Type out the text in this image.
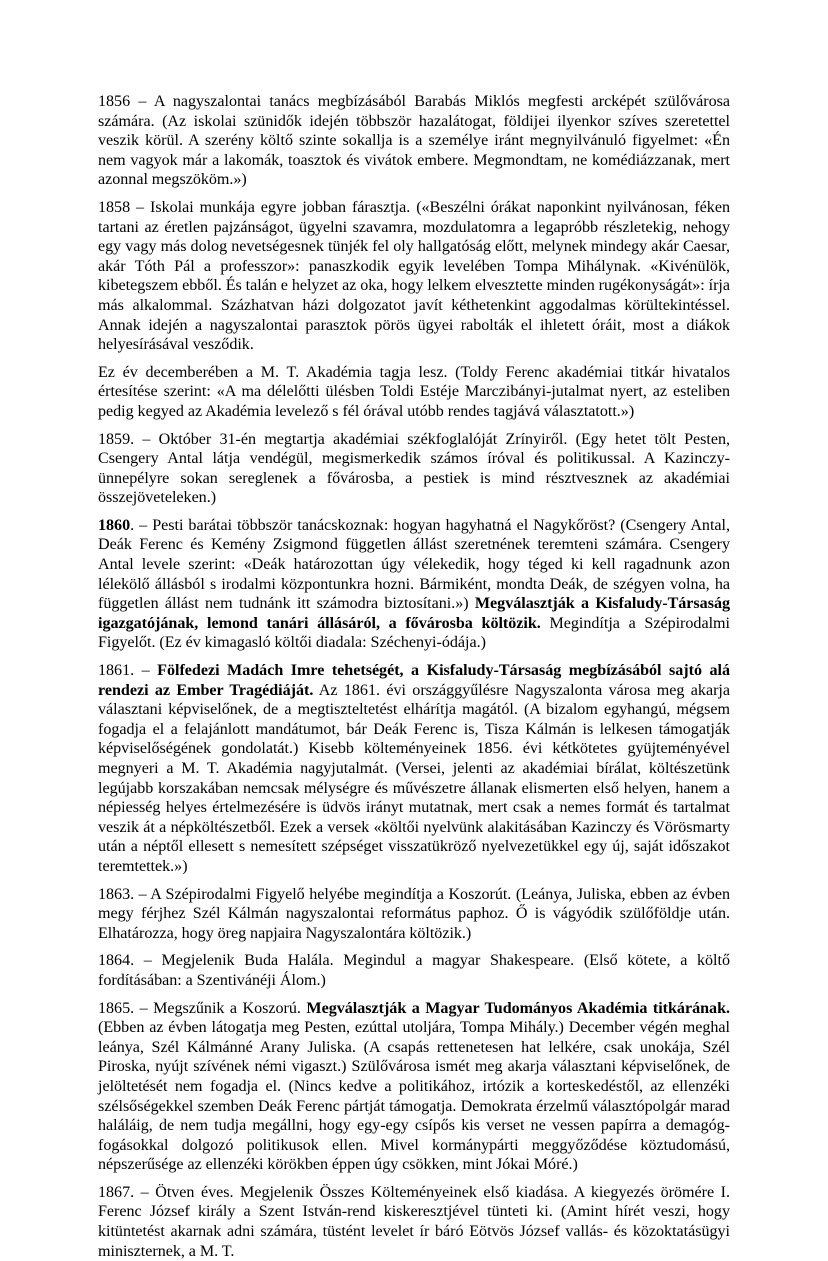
1856 – A nagyszalontai tanács megbízásából Barabás Miklós megfesti arcképét szülővárosa számára. (Az iskolai szünidők idején többször hazalátogat, földijei ilyenkor szíves szeretettel veszik körül. A szerény költő szinte sokallja is a személye iránt megnyilvánuló figyelmet: «Én nem vagyok már a lakomák, toasztok és vivátok embere. Megmondtam, ne komédiázzanak, mert azonnal megszököm.»)

1858 – Iskolai munkája egyre jobban fárasztja. («Beszélni órákat naponkint nyilvánosan, féken tartani az éretlen pajzánságot, ügyelni szavamra, mozdulatomra a legapróbb részletekig, nehogy egy vagy más dolog nevetségesnek tünjék fel oly hallgatóság előtt, melynek mindegy akár Caesar, akár Tóth Pál a professzor»: panaszkodik egyik levelében Tompa Mihálynak. «Kivénülök, kibetegszem ebből. És talán e helyzet az oka, hogy lelkem elvesztette minden rugékonyságát»: írja más alkalommal. Százhatvan házi dolgozatot javít kéthetenkint aggodalmas körültekintéssel. Annak idején a nagyszalontai parasztok pörös ügyei rabolták el ihletett óráit, most a diákok helyesírásával vesződik.

Ez év decemberében a M. T. Akadémia tagja lesz. (Toldy Ferenc akadémiai titkár hivatalos értesítése szerint: «A ma délelőtti ülésben Toldi Estéje Marczibányi-jutalmat nyert, az esteliben pedig kegyed az Akadémia levelező s fél órával utóbb rendes tagjává választatott.»)

1859. – Október 31-én megtartja akadémiai székfoglalóját Zrínyiről. (Egy hetet tölt Pesten, Csengery Antal látja vendégül, megismerkedik számos íróval és politikussal. A Kazinczy-ünnepélyre sokan sereglenek a fővárosba, a pestiek is mind résztvesznek az akadémiai összejöveteleken.)

1860. – Pesti barátai többször tanácskoznak: hogyan hagyhatná el Nagykőröst? (Csengery Antal, Deák Ferenc és Kemény Zsigmond független állást szeretnének teremteni számára. Csengery Antal levele szerint: «Deák határozottan úgy vélekedik, hogy téged ki kell ragadnunk azon lélekölő állásból s irodalmi központunkra hozni. Bármiként, mondta Deák, de szégyen volna, ha független állást nem tudnánk itt számodra biztosítani.») Megválasztják a Kisfaludy-Társaság igazgatójának, lemond tanári állásáról, a fővárosba költözik. Megindítja a Szépirodalmi Figyelőt. (Ez év kimagasló költői diadala: Széchenyi-ódája.)

1861. – Fölfedezi Madách Imre tehetségét, a Kisfaludy-Társaság megbízásából sajtó alá rendezi az Ember Tragédiáját. Az 1861. évi országgyűlésre Nagyszalonta városa meg akarja választani képviselőnek, de a megtiszteltetést elhárítja magától. (A bizalom egyhangú, mégsem fogadja el a felajánlott mandátumot, bár Deák Ferenc is, Tisza Kálmán is lelkesen támogatják képviselőségének gondolatát.) Kisebb költeményeinek 1856. évi kétkötetes gyüjteményével megnyeri a M. T. Akadémia nagyjutalmát. (Versei, jelenti az akadémiai bírálat, költészetünk legújabb korszakában nemcsak mélységre és művészetre állanak elismerten első helyen, hanem a népiesség helyes értelmezésére is üdvös irányt mutatnak, mert csak a nemes formát és tartalmat veszik át a népköltészetből. Ezek a versek «költői nyelvünk alakitásában Kazinczy és Vörösmarty után a néptől ellesett s nemesített szépséget visszatükröző nyelvezetükkel egy új, saját időszakot teremtettek.»)

1863. – A Szépirodalmi Figyelő helyébe megindítja a Koszorút. (Leánya, Juliska, ebben az évben megy férjhez Szél Kálmán nagyszalontai református paphoz. Ő is vágyódik szülőföldje után. Elhatározza, hogy öreg napjaira Nagyszalontára költözik.)

1864. – Megjelenik Buda Halála. Megindul a magyar Shakespeare. (Első kötete, a költő fordításában: a Szentivánéji Álom.)

1865. – Megszűnik a Koszorú. Megválasztják a Magyar Tudományos Akadémia titkárának. (Ebben az évben látogatja meg Pesten, ezúttal utoljára, Tompa Mihály.) December végén meghal leánya, Szél Kálmánné Arany Juliska. (A csapás rettenetesen hat lelkére, csak unokája, Szél Piroska, nyújt szívének némi vigaszt.) Szülővárosa ismét meg akarja választani képviselőnek, de jelöltetését nem fogadja el. (Nincs kedve a politikához, irtózik a korteskedéstől, az ellenzéki szélsőségekkel szemben Deák Ferenc pártját támogatja. Demokrata érzelmű választópolgár marad haláláig, de nem tudja megállni, hogy egy-egy csípős kis verset ne vessen papírra a demagóg-fogásokkal dolgozó politikusok ellen. Mivel kormánypárti meggyőződése köztudomású, népszerűsége az ellenzéki körökben éppen úgy csökken, mint Jókai Móré.)

1867. – Ötven éves. Megjelenik Összes Költeményeinek első kiadása. A kiegyezés örömére I. Ferenc József király a Szent István-rend kiskeresztjével tünteti ki. (Amint hírét veszi, hogy kitüntetést akarnak adni számára, tüstént levelet ír báró Eötvös József vallás- és közoktatásügyi miniszternek, a M. T.
